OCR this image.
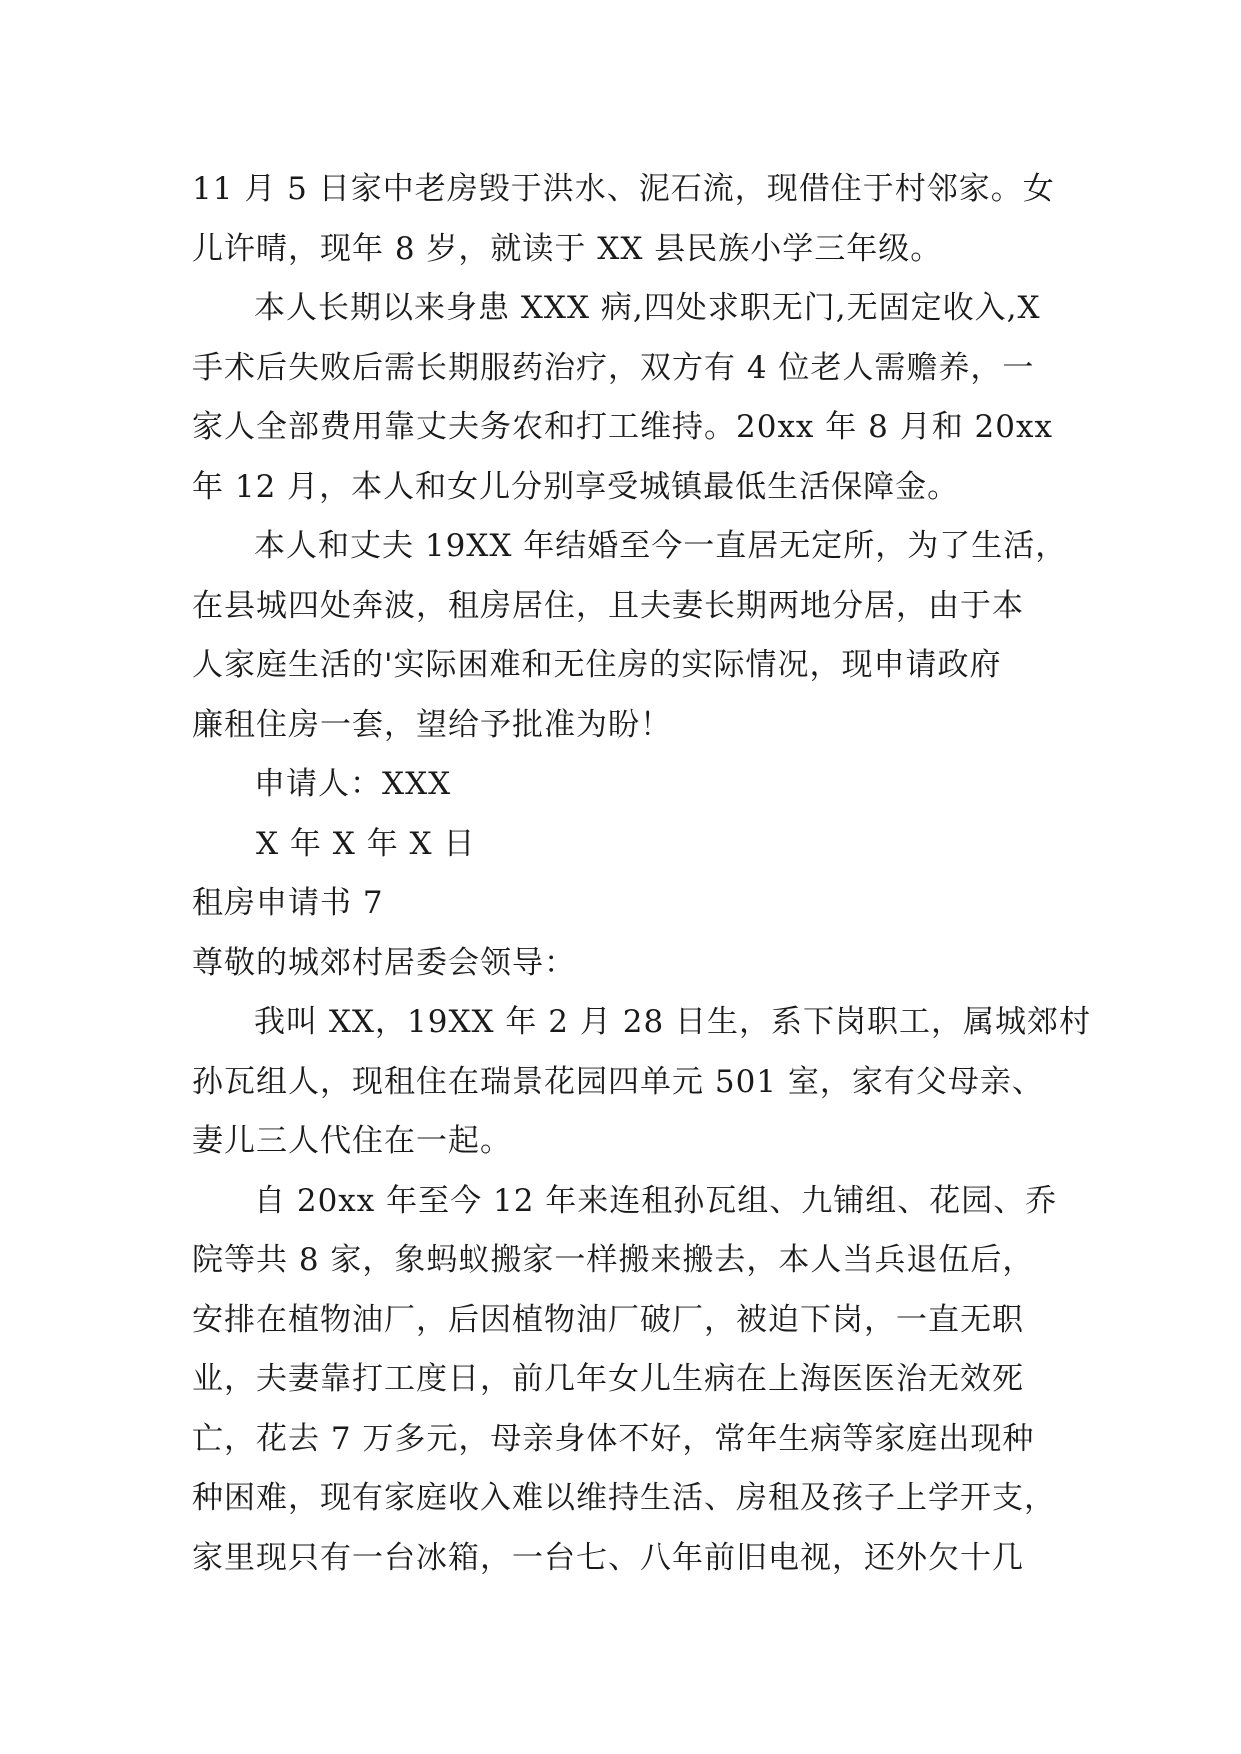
11 月 5 日家中老房毁于洪水、泥石流，现借住于村邻家。女
儿许晴，现年 8 岁，就读于 XX 县民族小学三年级。
本人长期以来身患 XXX 病,四处求职无门,无固定收入,X
手术后失败后需长期服药治疗，双方有 4 位老人需赡养，一
家人全部费用靠丈夫务农和打工维持。20xx 年 8 月和 20xx
年 12 月，本人和女儿分别享受城镇最低生活保障金。
本人和丈夫 19XX 年结婚至今一直居无定所，为了生活，
在县城四处奔波，租房居住，且夫妻长期两地分居，由于本
人家庭生活的'实际困难和无住房的实际情况，现申请政府
廉租住房一套，望给予批准为盼！
申请人：XXX
X 年 X 年 X 日
租房申请书 7
尊敬的城郊村居委会领导：
我叫 XX，19XX 年 2 月 28 日生，系下岗职工，属城郊村
孙瓦组人，现租住在瑞景花园四单元 501 室，家有父母亲、
妻儿三人代住在一起。
自 20xx 年至今 12 年来连租孙瓦组、九铺组、花园、乔
院等共 8 家，象蚂蚁搬家一样搬来搬去，本人当兵退伍后，
安排在植物油厂，后因植物油厂破厂，被迫下岗，一直无职
业，夫妻靠打工度日，前几年女儿生病在上海医医治无效死
亡，花去 7 万多元，母亲身体不好，常年生病等家庭出现种
种困难，现有家庭收入难以维持生活、房租及孩子上学开支，
家里现只有一台冰箱，一台七、八年前旧电视，还外欠十几
